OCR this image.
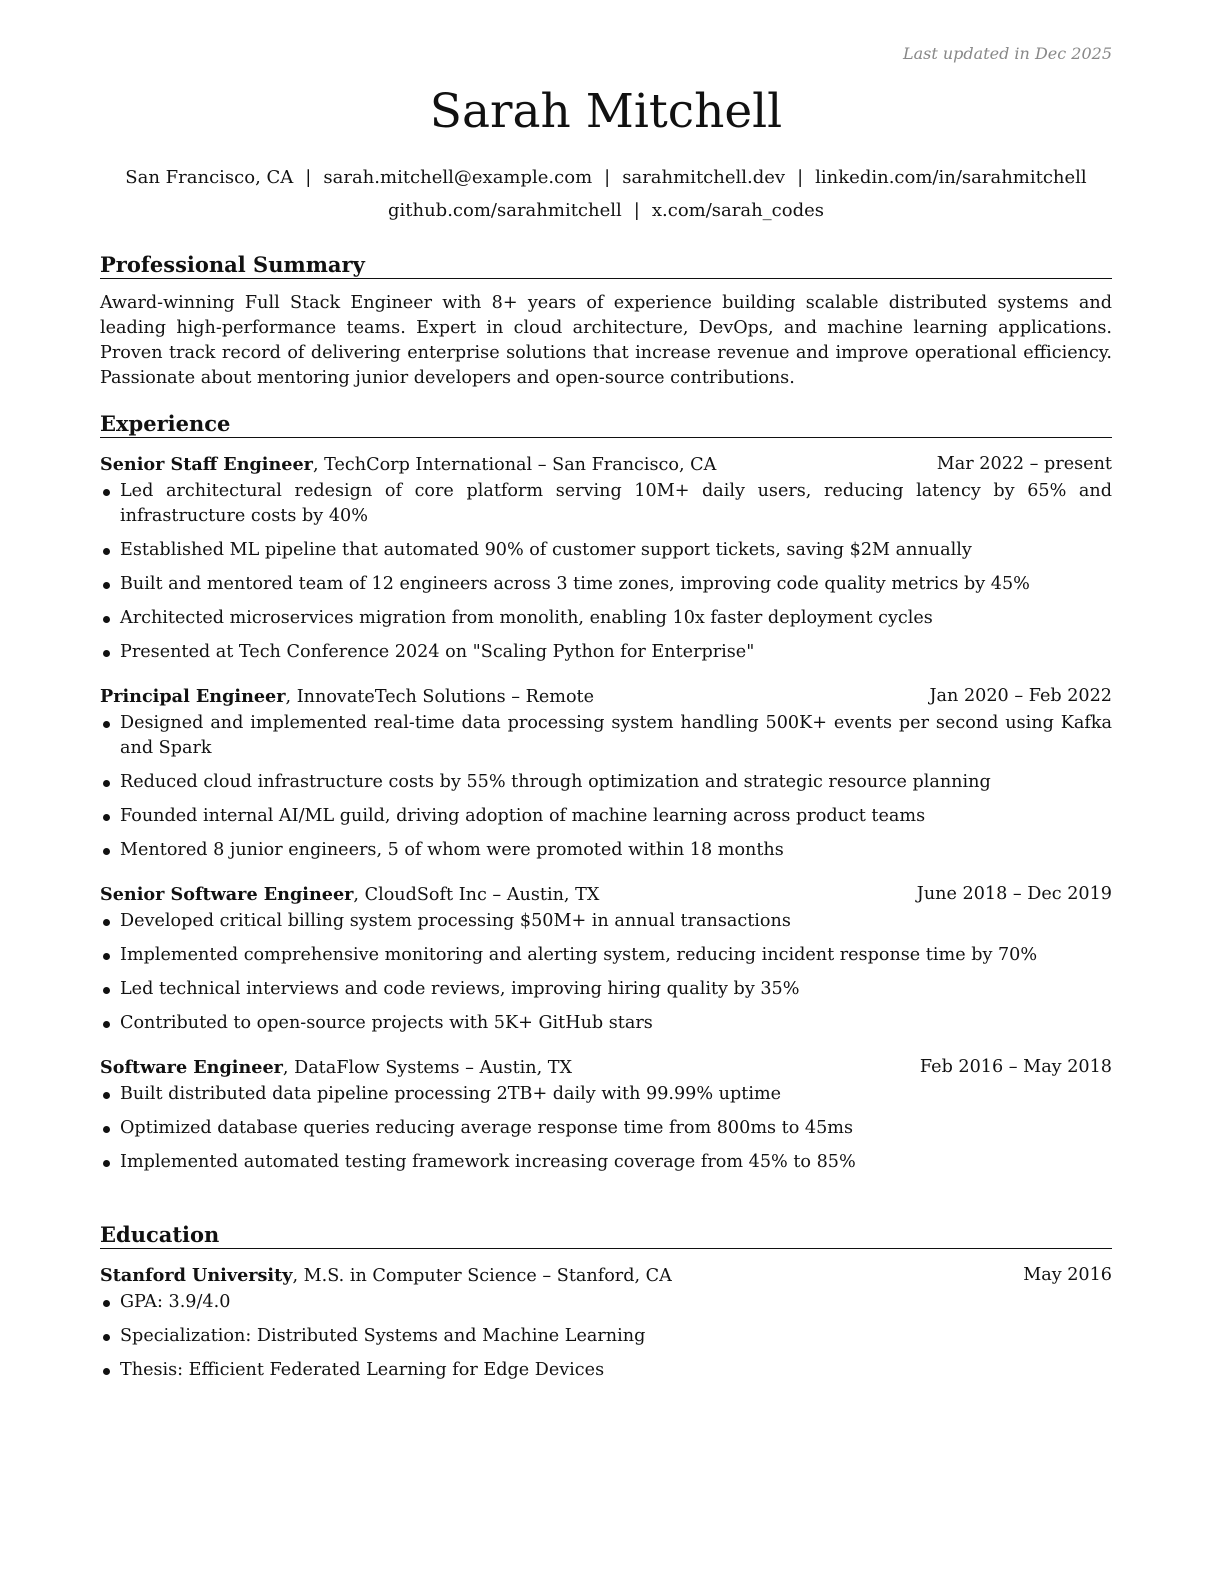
Last updated in Dec 2025
Sarah Mitchell
San Francisco, CA | sarah.mitchell@example.com | sarahmitchell.dev | linkedin.com/in/sarahmitchell
github.com/sarahmitchell | x.com/sarah_codes
Professional Summary

Award-winning Full Stack Engineer with 8+ years of experience building scalable distributed systems and leading high-performance teams. Expert in cloud architecture, DevOps, and machine learning applications. Proven track record of delivering enterprise solutions that increase revenue and improve operational efficiency. Passionate about mentoring junior developers and open-source contributions.

Experience
Senior Staff Engineer, TechCorp International – San Francisco, CA	Mar 2022 – present
Led architectural redesign of core platform serving 10M+ daily users, reducing latency by 65% and infrastructure costs by 40%
Established ML pipeline that automated 90% of customer support tickets, saving $2M annually
Built and mentored team of 12 engineers across 3 time zones, improving code quality metrics by 45%
Architected microservices migration from monolith, enabling 10x faster deployment cycles
Presented at Tech Conference 2024 on "Scaling Python for Enterprise"
Principal Engineer, InnovateTech Solutions – Remote	Jan 2020 – Feb 2022
Designed and implemented real-time data processing system handling 500K+ events per second using Kafka and Spark
Reduced cloud infrastructure costs by 55% through optimization and strategic resource planning
Founded internal AI/ML guild, driving adoption of machine learning across product teams
Mentored 8 junior engineers, 5 of whom were promoted within 18 months
Senior Software Engineer, CloudSoft Inc – Austin, TX	June 2018 – Dec 2019
Developed critical billing system processing $50M+ in annual transactions
Implemented comprehensive monitoring and alerting system, reducing incident response time by 70%
Led technical interviews and code reviews, improving hiring quality by 35%
Contributed to open-source projects with 5K+ GitHub stars
Software Engineer, DataFlow Systems – Austin, TX	Feb 2016 – May 2018
Built distributed data pipeline processing 2TB+ daily with 99.99% uptime
Optimized database queries reducing average response time from 800ms to 45ms
Implemented automated testing framework increasing coverage from 45% to 85%
Education
Stanford University, M.S. in Computer Science – Stanford, CA	May 2016
GPA: 3.9/4.0
Specialization: Distributed Systems and Machine Learning
Thesis: Efficient Federated Learning for Edge Devices
